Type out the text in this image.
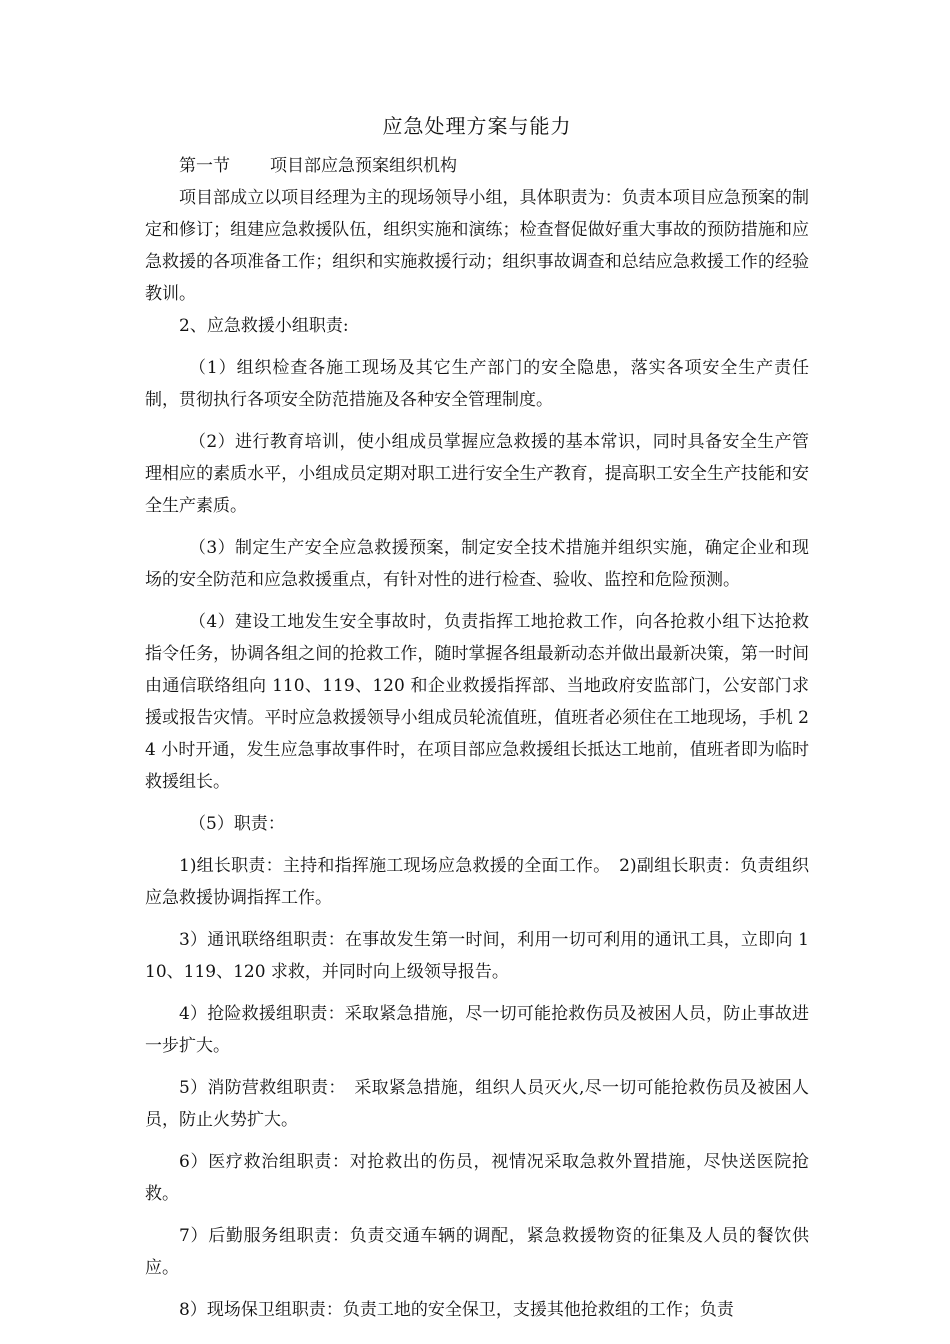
应急处理方案与能力
第一节 项目部应急预案组织机构

项目部成立以项目经理为主的现场领导小组，具体职责为：负责本项目应急预案的制定和修订；组建应急救援队伍，组织实施和演练；检查督促做好重大事故的预防措施和应急救援的各项准备工作；组织和实施救援行动；组织事故调查和总结应急救援工作的经验教训。

2、应急救援小组职责:

（1）组织检查各施工现场及其它生产部门的安全隐患，落实各项安全生产责任制，贯彻执行各项安全防范措施及各种安全管理制度。

（2）进行教育培训，使小组成员掌握应急救援的基本常识，同时具备安全生产管理相应的素质水平，小组成员定期对职工进行安全生产教育，提高职工安全生产技能和安全生产素质。

（3）制定生产安全应急救援预案，制定安全技术措施并组织实施，确定企业和现场的安全防范和应急救援重点，有针对性的进行检查、验收、监控和危险预测。

（4）建设工地发生安全事故时，负责指挥工地抢救工作，向各抢救小组下达抢救指令任务，协调各组之间的抢救工作，随时掌握各组最新动态并做出最新决策，第一时间由通信联络组向 110、119、120 和企业救援指挥部、当地政府安监部门，公安部门求援或报告灾情。平时应急救援领导小组成员轮流值班，值班者必须住在工地现场，手机 24 小时开通，发生应急事故事件时，在项目部应急救援组长抵达工地前，值班者即为临时救援组长。

（5）职责：

1)组长职责：主持和指挥施工现场应急救援的全面工作。　2)副组长职责：负责组织应急救援协调指挥工作。

3）通讯联络组职责：在事故发生第一时间，利用一切可利用的通讯工具，立即向 110、119、120 求救，并同时向上级领导报告。

4）抢险救援组职责：采取紧急措施，尽一切可能抢救伤员及被困人员，防止事故进一步扩大。

5）消防营救组职责：　采取紧急措施，组织人员灭火,尽一切可能抢救伤员及被困人员，防止火势扩大。

6）医疗救治组职责：对抢救出的伤员，视情况采取急救外置措施，尽快送医院抢救。

7）后勤服务组职责：负责交通车辆的调配，紧急救援物资的征集及人员的餐饮供应。

8）现场保卫组职责：负责工地的安全保卫，支援其他抢救组的工作；负责
